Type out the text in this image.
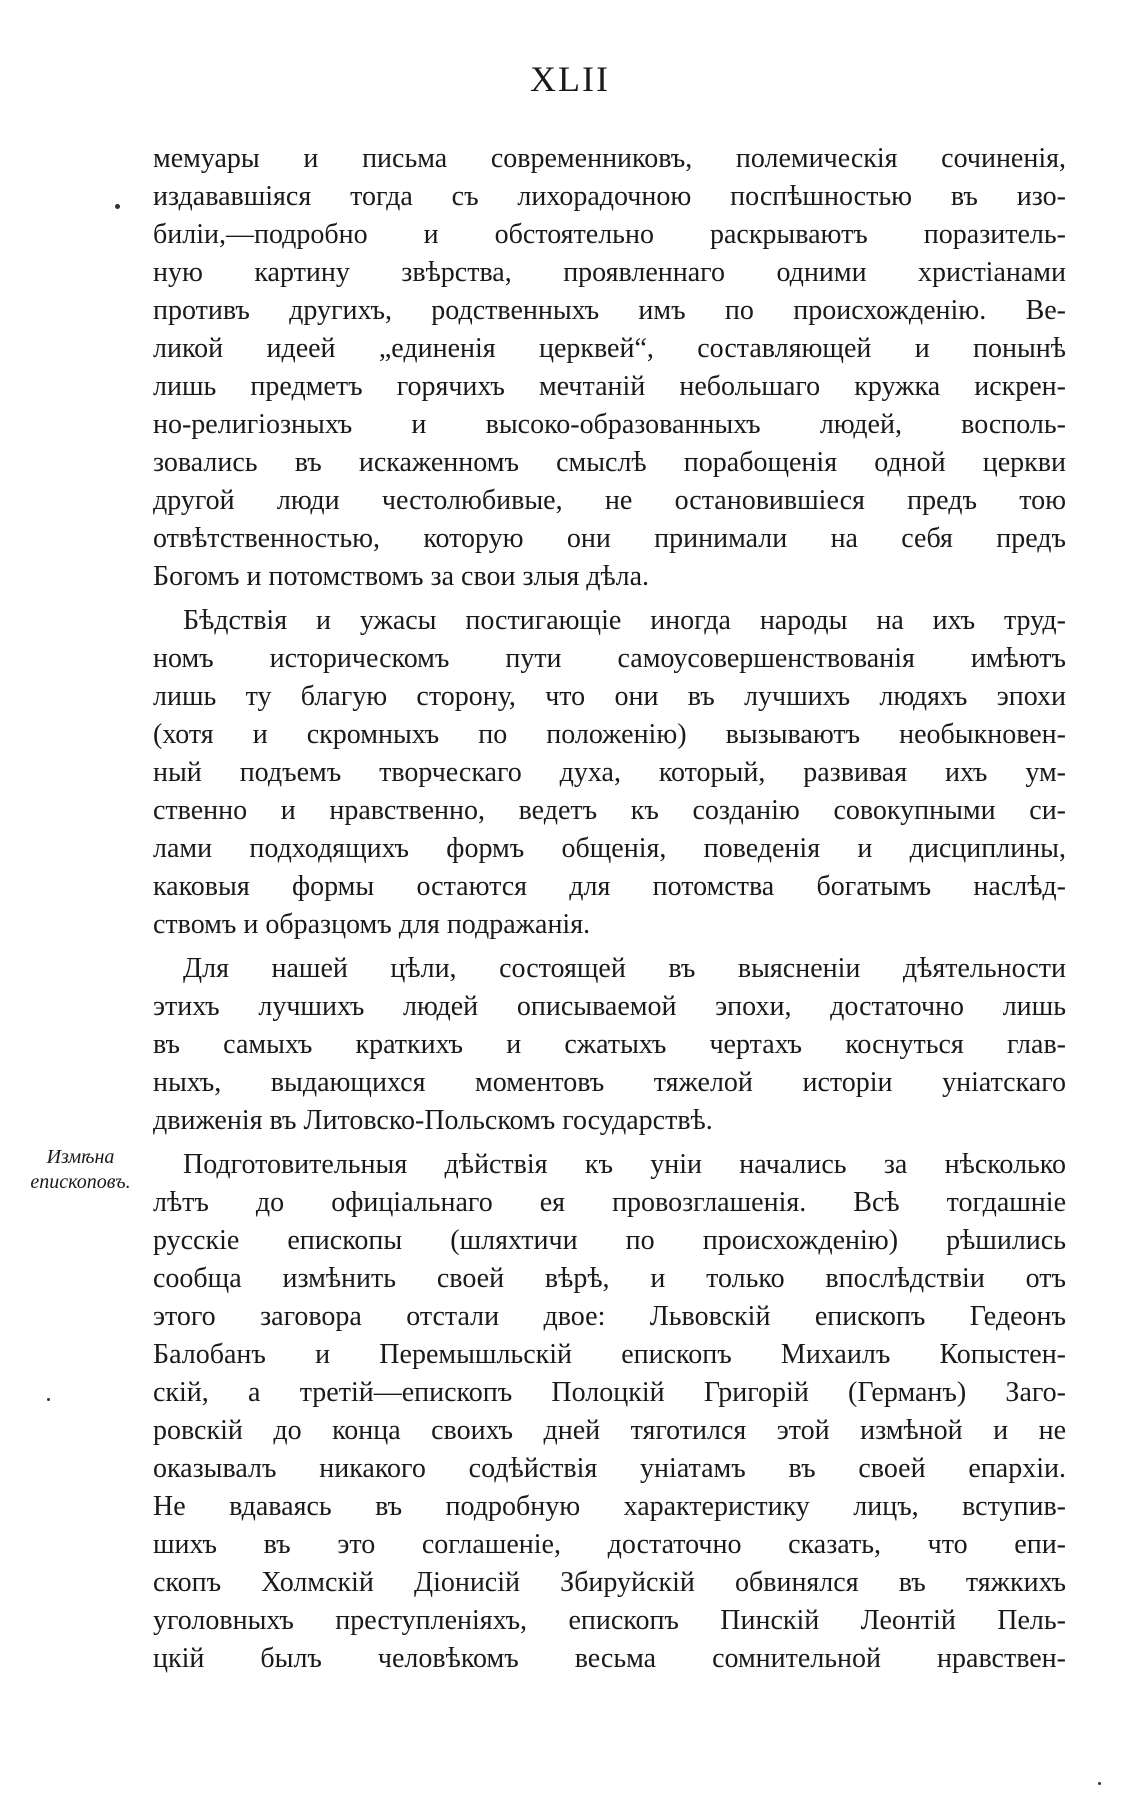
XLII
Измѣна
епископовъ.
мемуары и письма современниковъ, полемическія сочиненія,
издававшіяся тогда съ лихорадочною поспѣшностью въ изо-
биліи,—подробно и обстоятельно раскрываютъ поразитель-
ную картину звѣрства, проявленнаго одними христіанами
противъ другихъ, родственныхъ имъ по происхожденію. Ве-
ликой идеей „единенія церквей“, составляющей и понынѣ
лишь предметъ горячихъ мечтаній небольшаго кружка искрен-
но-религіозныхъ и высоко-образованныхъ людей, восполь-
зовались въ искаженномъ смыслѣ порабощенія одной церкви
другой люди честолюбивые, не остановившіеся предъ тою
отвѣтственностью, которую они принимали на себя предъ
Богомъ и потомствомъ за свои злыя дѣла.
Бѣдствія и ужасы постигающіе иногда народы на ихъ труд-
номъ историческомъ пути самоусовершенствованія имѣютъ
лишь ту благую сторону, что они въ лучшихъ людяхъ эпохи
(хотя и скромныхъ по положенію) вызываютъ необыкновен-
ный подъемъ творческаго духа, который, развивая ихъ ум-
ственно и нравственно, ведетъ къ созданію совокупными си-
лами подходящихъ формъ общенія, поведенія и дисциплины,
каковыя формы остаются для потомства богатымъ наслѣд-
ствомъ и образцомъ для подражанія.
Для нашей цѣли, состоящей въ выясненіи дѣятельности
этихъ лучшихъ людей описываемой эпохи, достаточно лишь
въ самыхъ краткихъ и сжатыхъ чертахъ коснуться глав-
ныхъ, выдающихся моментовъ тяжелой исторіи уніатскаго
движенія въ Литовско-Польскомъ государствѣ.
Подготовительныя дѣйствія къ уніи начались за нѣсколько
лѣтъ до офиціальнаго ея провозглашенія. Всѣ тогдашніе
русскіе епископы (шляхтичи по происхожденію) рѣшились
сообща измѣнить своей вѣрѣ, и только впослѣдствіи отъ
этого заговора отстали двое: Львовскій епископъ Гедеонъ
Балобанъ и Перемышльскій епископъ Михаилъ Копыстен-
скій, а третій—епископъ Полоцкій Григорій (Германъ) Заго-
ровскій до конца своихъ дней тяготился этой измѣной и не
оказывалъ никакого содѣйствія уніатамъ въ своей епархіи.
Не вдаваясь въ подробную характеристику лицъ, вступив-
шихъ въ это соглашеніе, достаточно сказать, что епи-
скопъ Холмскій Діонисій Збируйскій обвинялся въ тяжкихъ
уголовныхъ преступленіяхъ, епископъ Пинскій Леонтій Пель-
цкій былъ человѣкомъ весьма сомнительной нравствен-
